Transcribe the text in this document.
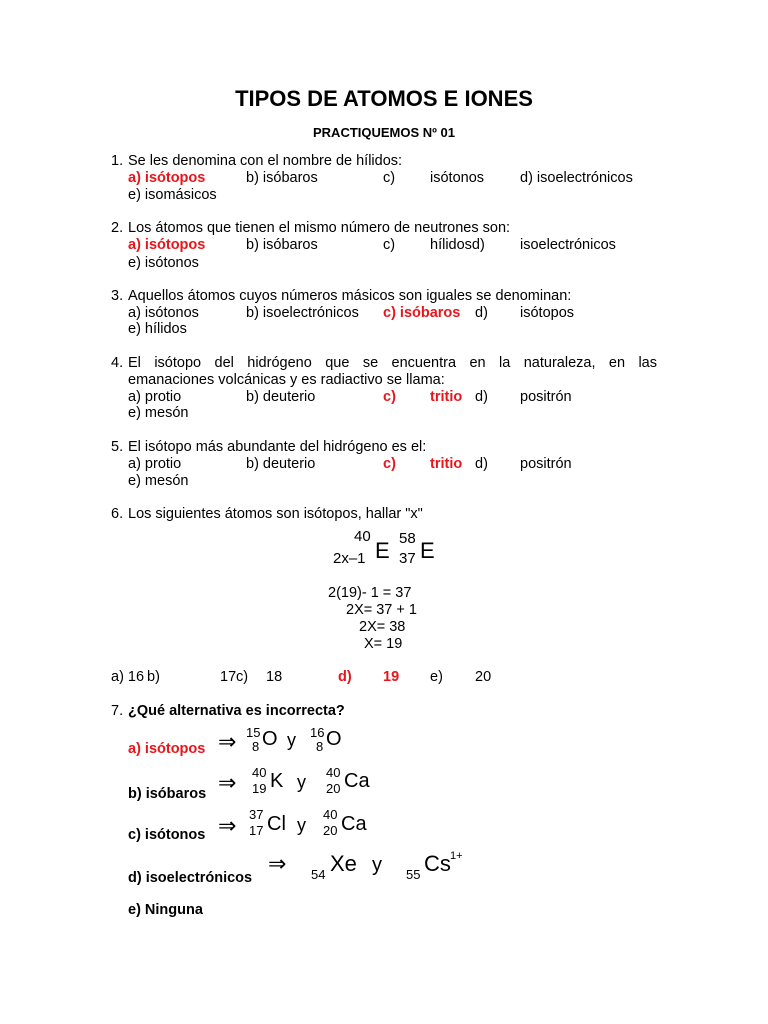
TIPOS DE ATOMOS E IONES
PRACTIQUEMOS Nº 01
1. Se les denomina con el nombre de hílidos:
a) isótopos	b) isóbaros	c) isótonos d) isoelectrónicos
e) isomásicos
2. Los átomos que tienen el mismo número de neutrones son:
a) isótopos	b) isóbaros	c) hílidosd) isoelectrónicos
e) isótonos
3. Aquellos átomos cuyos números másicos son iguales se denominan:
a) isótonos	b) isoelectrónicos c) isóbaros d) isótopos
e) hílidos
4. El isótopo del hidrógeno que se encuentra en la naturaleza, en las
emanaciones volcánicas y es radiactivo se llama:
a) protio	b) deuterio	c) tritio d) positrón
e) mesón
5. El isótopo más abundante del hidrógeno es el:
a) protio	b) deuterio	c) tritio d) positrón
e) mesón
6. Los siguientes átomos son isótopos, hallar "x"
40
2x–1 E 58
37 E
2(19)- 1 = 37
2X= 37 + 1
2X= 38
X= 19
a) 16 b)	17 c) 18	d) 19 e) 20
7. ¿Qué alternativa es incorrecta?
a) isótopos ⇒ 15
8 O y 16
8 O
b) isóbaros ⇒ 40
19 K y 40
20 Ca
c) isótonos ⇒ 37
17 Cl y
40
20 Ca
d) isoelectrónicos
⇒ 54 Xe y 55 Cs 1+
e) Ninguna
